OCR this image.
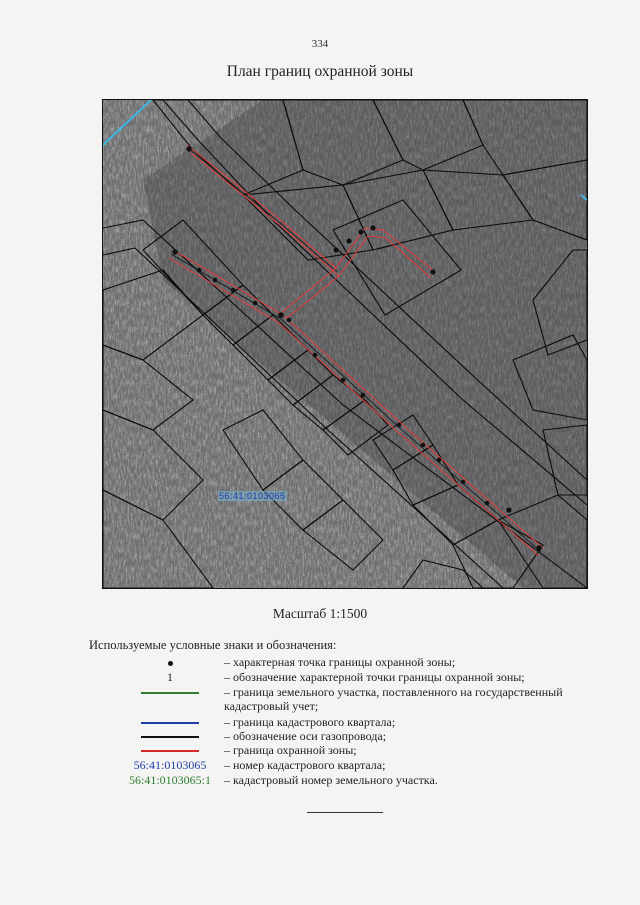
334
План границ охранной зоны
56:41:0103065
Масштаб 1:1500
Используемые условные знаки и обозначения:
– характерная точка границы охранной зоны;
1	– обозначение характерной точки границы охранной зоны;
– граница земельного участка, поставленного на государственный кадастровый учет;
– граница кадастрового квартала;
– обозначение оси газопровода;
– граница охранной зоны;
56:41:0103065	– номер кадастрового квартала;
56:41:0103065:1	– кадастровый номер земельного участка.
